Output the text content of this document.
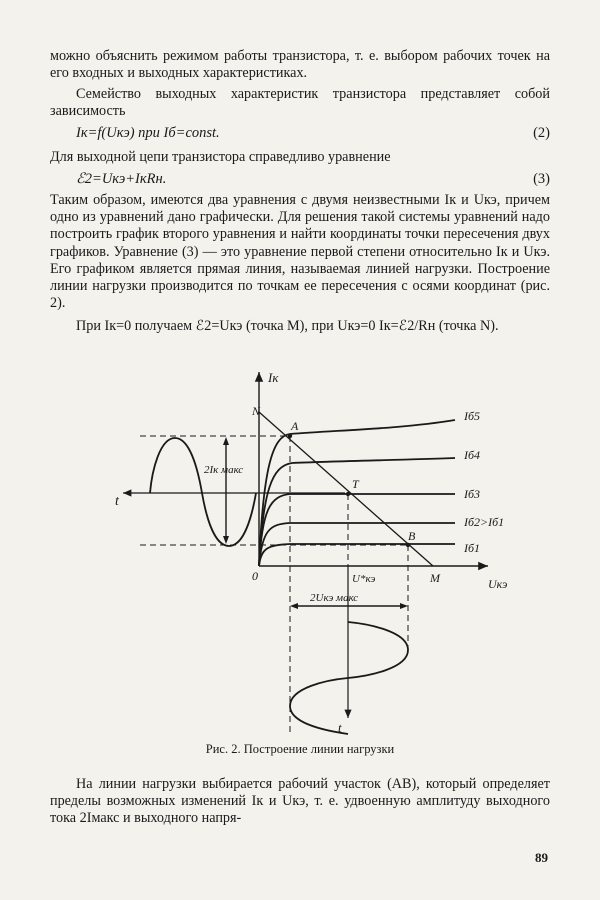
можно объяснить режимом работы транзистора, т. е. выбором рабочих точек на его входных и выходных характеристиках.

Семейство выходных характеристик транзистора представляет собой зависимость

Iк=f(Uкэ) при Iб=const.	(2)

Для выходной цепи транзистора справедливо уравнение

ℰ2=Uкэ+IкRн.	(3)

Таким образом, имеются два уравнения с двумя неизвестными Iк и Uкэ, причем одно из уравнений дано графически. Для решения такой системы уравнений надо построить график второго уравнения и найти координаты точки пересечения двух графиков. Уравнение (3) — это уравнение первой степени относительно Iк и Uкэ. Его графиком является прямая линия, называемая линией нагрузки. Построение линии нагрузки производится по точкам ее пересечения с осями координат (рис. 2).

При Iк=0 получаем ℰ2=Uкэ (точка M), при Uкэ=0 Iк=ℰ2/Rн (точка N).

Iк
Uкэ
0
N
M
A
T
B
Iб5
Iб4
Iб3
Iб2>Iб1
Iб1
t
t
2Iк макс
2Uкэ макс
U*кэ
Рис. 2. Построение линии нагрузки

На линии нагрузки выбирается рабочий участок (AB), который определяет пределы возможных изменений Iк и Uкэ, т. е. удвоенную амплитуду выходного тока 2Iмакс и выходного напря-

89
